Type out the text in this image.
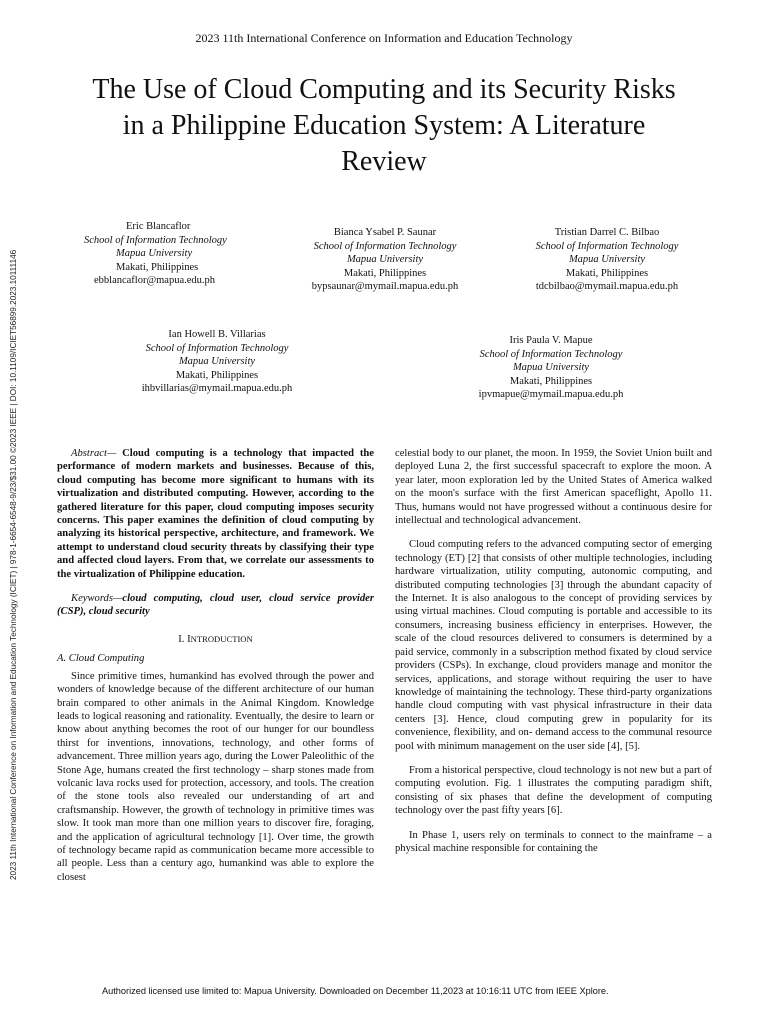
2023 11th International Conference on Information and Education Technology
The Use of Cloud Computing and its Security Risks in a Philippine Education System: A Literature Review
2023 11th International Conference on Information and Education Technology (ICIET) | 978-1-6654-6548-9/23/$31.00 ©2023 IEEE | DOI: 10.1109/ICIET56899.2023.10111146
Eric Blancaflor
School of Information Technology Mapua University
Makati, Philippines
ebblancaflor@mapua.edu.ph
Bianca Ysabel P. Saunar
School of Information Technology
Mapua University
Makati, Philippines
bypsaunar@mymail.mapua.edu.ph
Tristian Darrel C. Bilbao
School of Information Technology
Mapua University
Makati, Philippines
tdcbilbao@mymail.mapua.edu.ph
Ian Howell B. Villarias
School of Information Technology
Mapua University
Makati, Philippines
ihbvillarias@mymail.mapua.edu.ph
Iris Paula V. Mapue
School of Information Technology
Mapua University
Makati, Philippines
ipvmapue@mymail.mapua.edu.ph

Abstract— Cloud computing is a technology that impacted the performance of modern markets and businesses. Because of this, cloud computing has become more significant to humans with its virtualization and distributed computing. However, according to the gathered literature for this paper, cloud computing imposes security concerns. This paper examines the definition of cloud computing by analyzing its historical perspective, architecture, and framework. We attempt to understand cloud security threats by classifying their type and affected cloud layers. From that, we correlate our assessments to the virtualization of Philippine education.

Keywords—cloud computing, cloud user, cloud service provider (CSP), cloud security

I. INTRODUCTION
A. Cloud Computing

Since primitive times, humankind has evolved through the power and wonders of knowledge because of the different architecture of our human brain compared to other animals in the Animal Kingdom. Knowledge leads to logical reasoning and rationality. Eventually, the desire to learn or know about anything becomes the root of our hunger for our boundless thirst for inventions, innovations, technology, and other forms of advancement. Three million years ago, during the Lower Paleolithic of the Stone Age, humans created the first technology – sharp stones made from volcanic lava rocks used for protection, accessory, and tools. The creation of the stone tools also revealed our understanding of art and craftsmanship. However, the growth of technology in primitive times was slow. It took man more than one million years to discover fire, foraging, and the application of agricultural technology [1]. Over time, the growth of technology became rapid as communication became more accessible to all people. Less than a century ago, humankind was able to explore the closest

celestial body to our planet, the moon. In 1959, the Soviet Union built and deployed Luna 2, the first successful spacecraft to explore the moon. A year later, moon exploration led by the United States of America walked on the moon's surface with the first American spaceflight, Apollo 11. Thus, humans would not have progressed without a continuous desire for intellectual and technological advancement.

Cloud computing refers to the advanced computing sector of emerging technology (ET) [2] that consists of other multiple technologies, including hardware virtualization, utility computing, autonomic computing, and distributed computing technologies [3] through the abundant capacity of the Internet. It is also analogous to the concept of providing services by using virtual machines. Cloud computing is portable and accessible to its consumers, increasing business efficiency in enterprises. However, the scale of the cloud resources delivered to consumers is determined by a paid service, commonly in a subscription method fixated by cloud service providers (CSPs). In exchange, cloud providers manage and monitor the services, applications, and storage without requiring the user to have knowledge of maintaining the technology. These third-party organizations handle cloud computing with vast physical infrastructure in their data centers [3]. Hence, cloud computing grew in popularity for its convenience, flexibility, and on- demand access to the communal resource pool with minimum management on the user side [4], [5].

From a historical perspective, cloud technology is not new but a part of computing evolution. Fig. 1 illustrates the computing paradigm shift, consisting of six phases that define the development of computing technology over the past fifty years [6].

In Phase 1, users rely on terminals to connect to the mainframe – a physical machine responsible for containing the

Authorized licensed use limited to: Mapua University. Downloaded on December 11,2023 at 10:16:11 UTC from IEEE Xplore.
